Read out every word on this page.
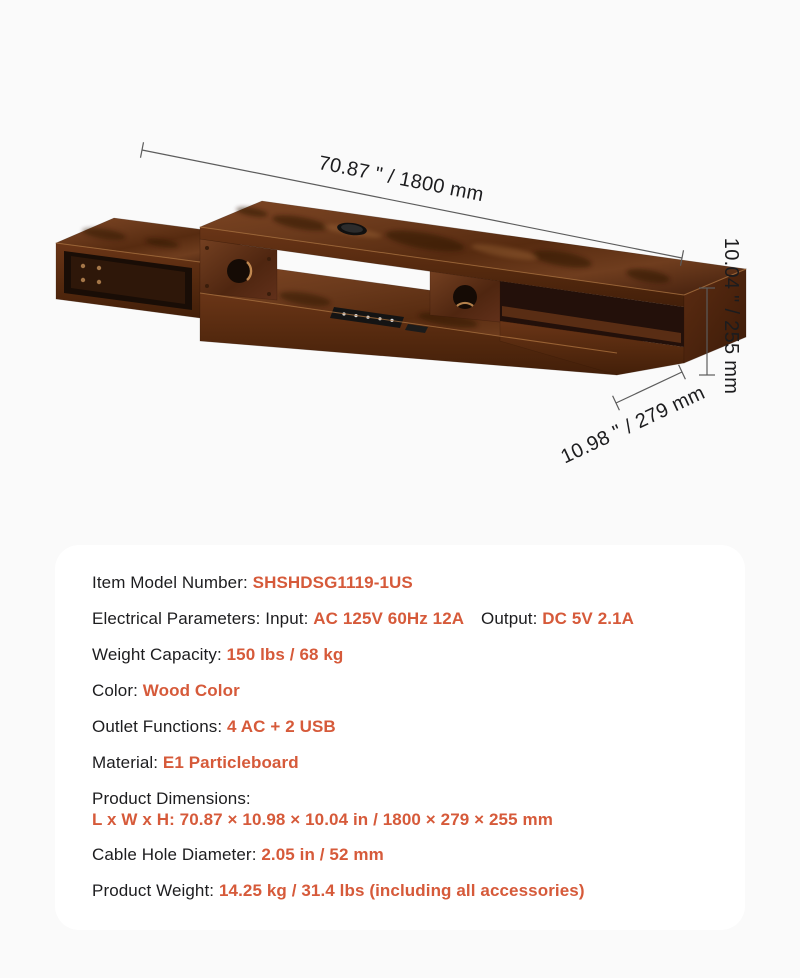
70.87 " / 1800 mm
10.04 " / 255 mm
10.98 " / 279 mm

Item Model Number: SHSHDSG1119-1US

Electrical Parameters: Input: AC 125V 60Hz 12A Output: DC 5V 2.1A

Weight Capacity: 150 lbs / 68 kg

Color: Wood Color

Outlet Functions: 4 AC + 2 USB

Material: E1 Particleboard

Product Dimensions:
L x W x H: 70.87 × 10.98 × 10.04 in / 1800 × 279 × 255 mm

Cable Hole Diameter: 2.05 in / 52 mm

Product Weight: 14.25 kg / 31.4 lbs (including all accessories)
